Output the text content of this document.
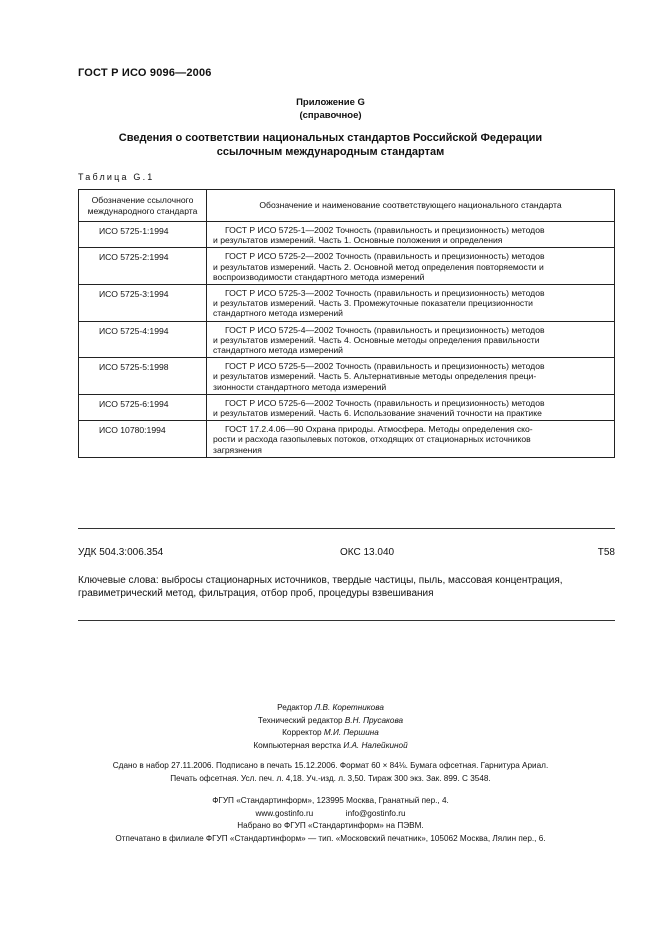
ГОСТ Р ИСО 9096—2006
Приложение G
(справочное)
Сведения о соответствии национальных стандартов Российской Федерации
ссылочным международным стандартам
Таблица G.1
Обозначение ссылочного
международного стандарта	Обозначение и наименование соответствующего национального стандарта
ИСО 5725-1:1994	ГОСТ Р ИСО 5725-1—2002 Точность (правильность и прецизионность) методов
и результатов измерений. Часть 1. Основные положения и определения

ИСО 5725-2:1994	ГОСТ Р ИСО 5725-2—2002 Точность (правильность и прецизионность) методов
и результатов измерений. Часть 2. Основной метод определения повторяемости и
воспроизводимости стандартного метода измерений

ИСО 5725-3:1994	ГОСТ Р ИСО 5725-3—2002 Точность (правильность и прецизионность) методов
и результатов измерений. Часть 3. Промежуточные показатели прецизионности
стандартного метода измерений

ИСО 5725-4:1994	ГОСТ Р ИСО 5725-4—2002 Точность (правильность и прецизионность) методов
и результатов измерений. Часть 4. Основные методы определения правильности
стандартного метода измерений

ИСО 5725-5:1998	ГОСТ Р ИСО 5725-5—2002 Точность (правильность и прецизионность) методов
и результатов измерений. Часть 5. Альтернативные методы определения преци-
зионности стандартного метода измерений

ИСО 5725-6:1994	ГОСТ Р ИСО 5725-6—2002 Точность (правильность и прецизионность) методов
и результатов измерений. Часть 6. Использование значений точности на практике

ИСО 10780:1994	ГОСТ 17.2.4.06—90 Охрана природы. Атмосфера. Методы определения ско-
рости и расхода газопылевых потоков, отходящих от стационарных источников
загрязнения
УДК 504.3:006.354	ОКС 13.040	T58
Ключевые слова: выбросы стационарных источников, твердые частицы, пыль, массовая концентрация,
гравиметрический метод, фильтрация, отбор проб, процедуры взвешивания
Редактор Л.В. Коретникова
Технический редактор В.Н. Прусакова
Корректор М.И. Першина
Компьютерная верстка И.А. Налейкиной
Сдано в набор 27.11.2006. Подписано в печать 15.12.2006. Формат 60 × 84⅛. Бумага офсетная. Гарнитура Ариал.
Печать офсетная. Усл. печ. л. 4,18. Уч.-изд. л. 3,50. Тираж 300 экз. Зак. 899. С 3548.
ФГУП «Стандартинформ», 123995 Москва, Гранатный пер., 4.
www.gostinfo.ru	info@gostinfo.ru
Набрано во ФГУП «Стандартинформ» на ПЭВМ.
Отпечатано в филиале ФГУП «Стандартинформ» — тип. «Московский печатник», 105062 Москва, Лялин пер., 6.
